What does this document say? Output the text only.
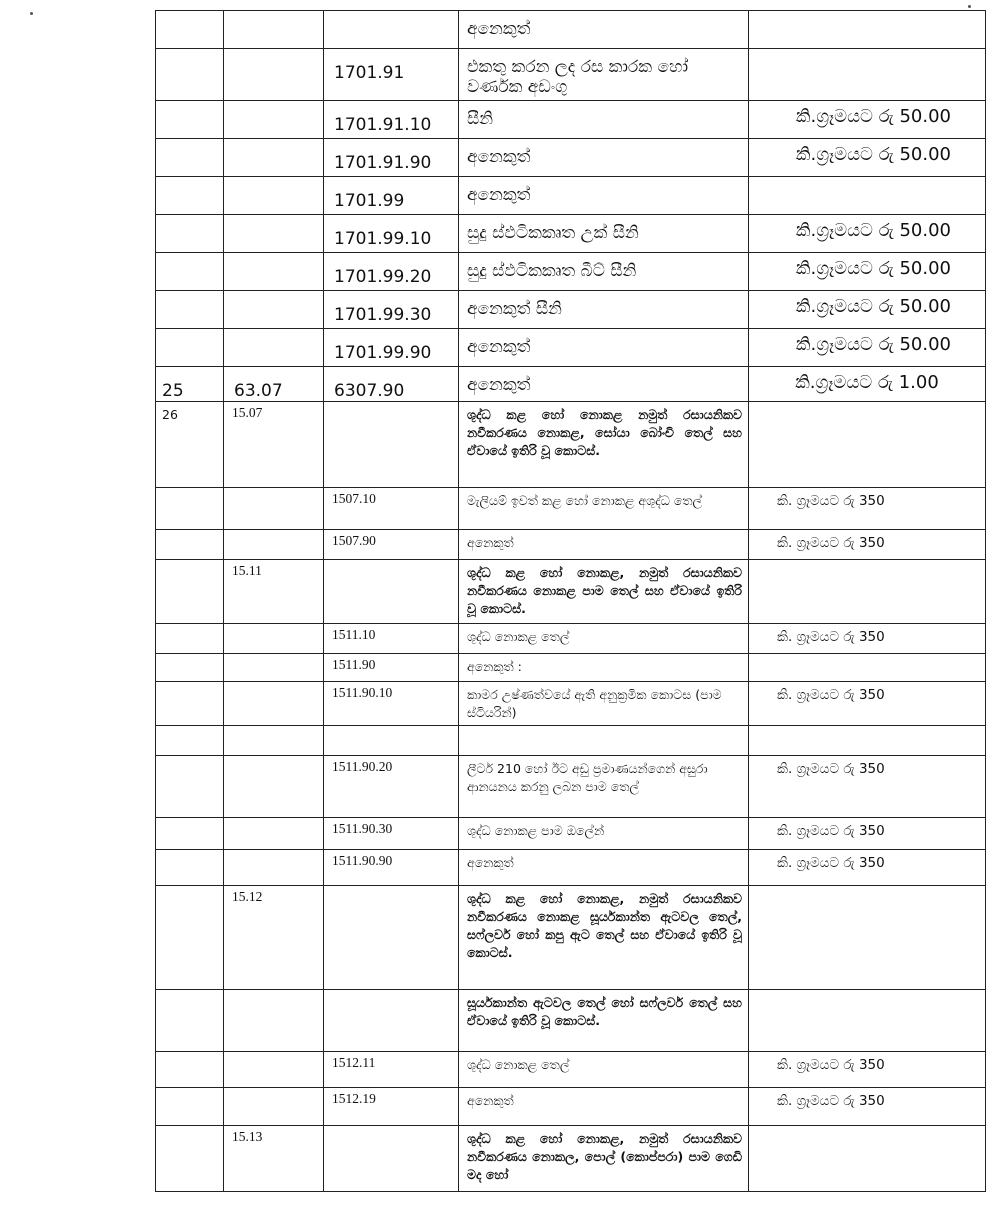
			අනෙකුත්	
		1701.91	එකතු කරන ලද රස කාරක හෝ වර්ණක අඩංගු	
		1701.91.10	සීනි	කි.ග්‍රෑමයට රු 50.00
		1701.91.90	අනෙකුත්	කි.ග්‍රෑමයට රු 50.00
		1701.99	අනෙකුත්	
		1701.99.10	සුදු ස්ඵටිකකෘත උක් සීනි	කි.ග්‍රෑමයට රු 50.00
		1701.99.20	සුදු ස්ඵටිකකෘත බීට් සීනි	කි.ග්‍රෑමයට රු 50.00
		1701.99.30	අනෙකුත් සීනි	කි.ග්‍රෑමයට රු 50.00
		1701.99.90	අනෙකුත්	කි.ග්‍රෑමයට රු 50.00
25	63.07	6307.90	අනෙකුත්	කි.ග්‍රෑමයට රු 1.00
26	15.07		ශුද්ධ කළ හෝ නොකළ නමුත් රසායනිකව නවීකරණය නොකළ, සෝයා බෝංචි තෙල් සහ ඒවායේ ඉතිරි වූ කොටස්.	
		1507.10	මැලියම් ඉවත් කළ හෝ නොකළ අශුද්ධ තෙල්	කි. ග්‍රෑමයට රු 350
		1507.90	අනෙකුත්	කි. ග්‍රෑමයට රු 350
	15.11		ශුද්ධ කළ හෝ නොකළ, නමුත් රසායනිකව නවීකරණය නොකළ පාම තෙල් සහ ඒවායේ ඉතිරි වූ කොටස්.	
		1511.10	ශුද්ධ නොකළ තෙල්	කි. ග්‍රෑමයට රු 350
		1511.90	අනෙකුත් :	
		1511.90.10	කාමර උෂ්ණත්වයේ ඇති අනුක්‍රමික කොටස (පාම ස්ටියරින්)	කි. ග්‍රෑමයට රු 350

		1511.90.20	ලීටර් 210 හෝ ඊට අඩු ප්‍රමාණයන්ගෙන් අසුරා ආනයනය කරනු ලබන පාම තෙල්	කි. ග්‍රෑමයට රු 350
		1511.90.30	ශුද්ධ නොකළ පාම ඔලේන්	කි. ග්‍රෑමයට රු 350
		1511.90.90	අනෙකුත්	කි. ග්‍රෑමයට රු 350
	15.12		ශුද්ධ කළ හෝ නොකළ, නමුත් රසායනිකව නවීකරණය නොකළ සූර්යකාන්ත ඇටවල තෙල්, සෆ්ලවර් හෝ කපු ඇට තෙල් සහ ඒවායේ ඉතිරි වූ කොටස්.	
			සූර්යකාන්ත ඇටවල තෙල් හෝ සෆ්ලවර් තෙල් සහ ඒවායේ ඉතිරි වූ කොටස්.	
		1512.11	ශුද්ධ නොකළ තෙල්	කි. ග්‍රෑමයට රු 350
		1512.19	අනෙකුත්	කි. ග්‍රෑමයට රු 350
	15.13		ශුද්ධ කළ හෝ නොකළ, නමුත් රසායනිකව නවීකරණය නොකල, පොල් (කොප්පරා) පාම ගෙඩි මද හෝ	
